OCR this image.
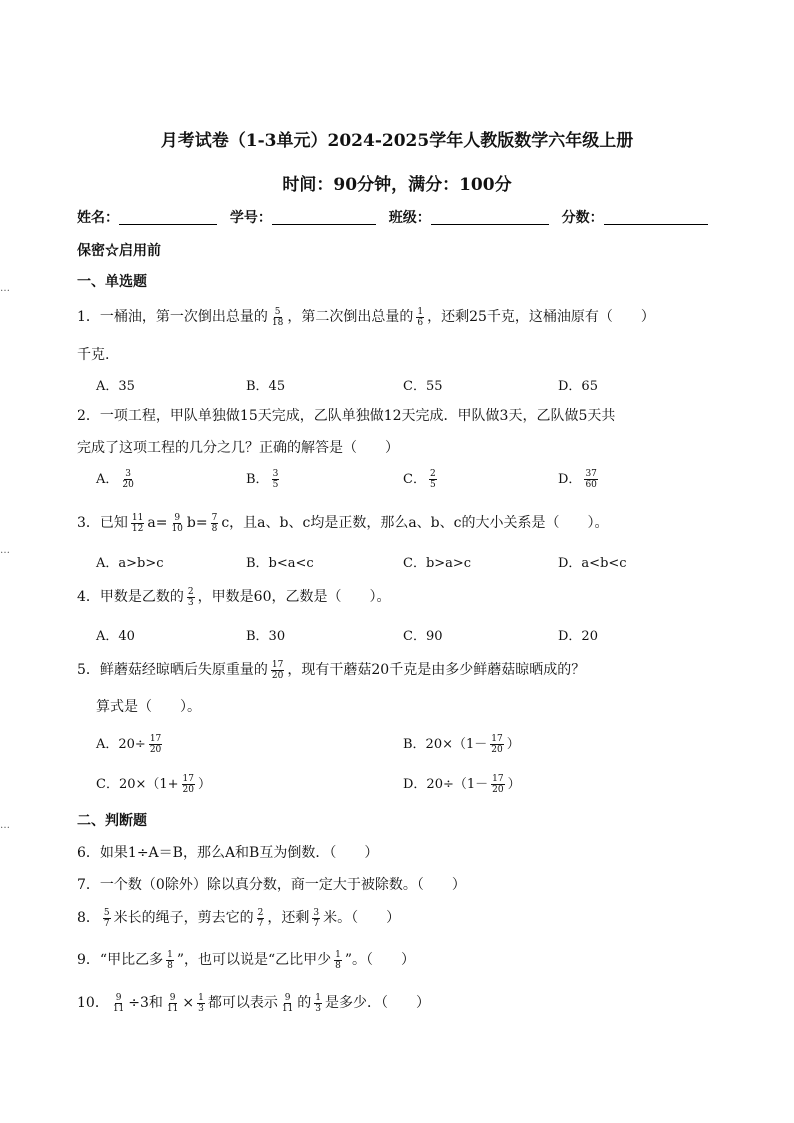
…
…
…
月考试卷（1-3单元）2024-2025学年人教版数学六年级上册
时间：90分钟，满分：100分
姓名：	学号：	班级：	分数：
保密☆启用前
一、单选题
1．一桶油，第一次倒出总量的 $\frac{5}{18}$ ，第二次倒出总量的 $\frac{1}{6}$ ，还剩25千克，这桶油原有（　　）
千克.
A．35	B．45	C．55	D．65
2．一项工程，甲队单独做15天完成，乙队单独做12天完成．甲队做3天，乙队做5天共
完成了这项工程的几分之几？正确的解答是（　　）
A． $\frac{3}{20}$	B． $\frac{3}{5}$	C． $\frac{2}{5}$	D． $\frac{37}{60}$
3．已知 $\frac{11}{12} a= \frac{9}{10} b= \frac{7}{8}$ c，且a、b、c均是正数，那么a、b、c的大小关系是（　　）。
A．a>b>c	B．b<a<c	C．b>a>c	D．a<b<c
4．甲数是乙数的 $\frac{2}{3}$ ，甲数是60，乙数是（　　）。
A．40	B．30	C．90	D．20
5．鲜蘑菇经晾晒后失原重量的 $\frac{17}{20}$ ，现有干蘑菇20千克是由多少鲜蘑菇晾晒成的？
算式是（　　）。
A．$20\div \frac{17}{20}$	B．$20\times(1- \frac{17}{20}$ ）
C．$20\times(1+ \frac{17}{20}$ ）	D．$20\div(1- \frac{17}{20}$ ）
二、判断题
6．如果1÷A＝B，那么A和B互为倒数．（　　）
7．一个数（0除外）除以真分数，商一定大于被除数。（　　）
8． $\frac{5}{7}$ 米长的绳子，剪去它的 $\frac{2}{7}$ ，还剩 $\frac{3}{7}$ 米。（　　）
9．“甲比乙多 $\frac{1}{8}$ ”，也可以说是“乙比甲少 $\frac{1}{8}$ ”。（　　）
10． $\frac{9}{11} \div 3$和 $\frac{9}{11} \times \frac{1}{3}$ 都可以表示 $\frac{9}{11}$ 的 $\frac{1}{3}$ 是多少．（　　）
